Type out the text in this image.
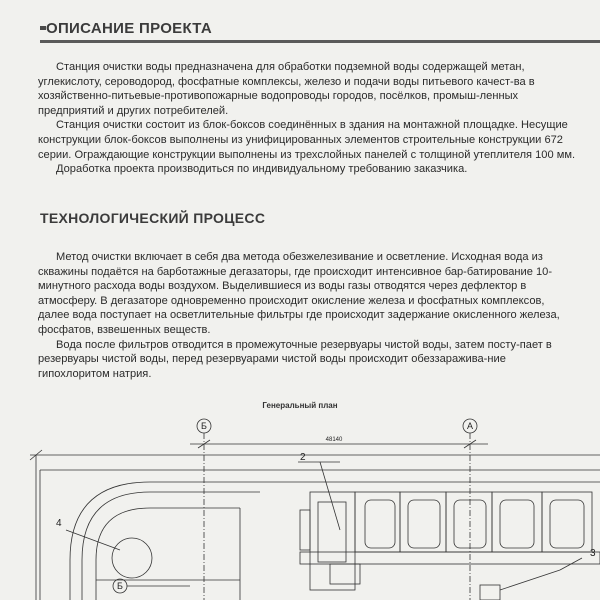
ОПИСАНИЕ ПРОЕКТА

Станция очистки воды предназначена для обработки подземной воды содержащей метан, углекислоту, сероводород, фосфатные комплексы, железо и подачи воды питьевого качест-ва в хозяйственно-питьевые-противопожарные водопроводы городов, посёлков, промыш-ленных предприятий и других потребителей.

Станция очистки состоит из блок-боксов соединённых в здания на монтажной площадке. Несущие конструкции блок-боксов выполнены из унифицированных элементов строительные конструкции 672 серии. Ограждающие конструкции выполнены из трехслойных панелей с толщиной утеплителя 100 мм.

Доработка проекта производиться по индивидуальному требованию заказчика.

ТЕХНОЛОГИЧЕСКИЙ ПРОЦЕСС

Метод очистки включает в себя два метода обезжелезивание и осветление. Исходная вода из скважины подаётся на барботажные дегазаторы, где происходит интенсивное бар-батирование 10-минутного расхода воды воздухом. Выделившиеся из воды газы отводятся через дефлектор в атмосферу. В дегазаторе одновременно происходит окисление железа и фосфатных комплексов, далее вода поступает на осветлительные фильтры где происходит задержание окисленного железа, фосфатов, взвешенных веществ.

Вода после фильтров отводится в промежуточные резервуары чистой воды, затем посту-пает в резервуары чистой воды, перед резервуарами чистой воды происходит обеззаражива-ние гипохлоритом натрия.

Генеральный план
Б	А
48140
2
3
4
Б
